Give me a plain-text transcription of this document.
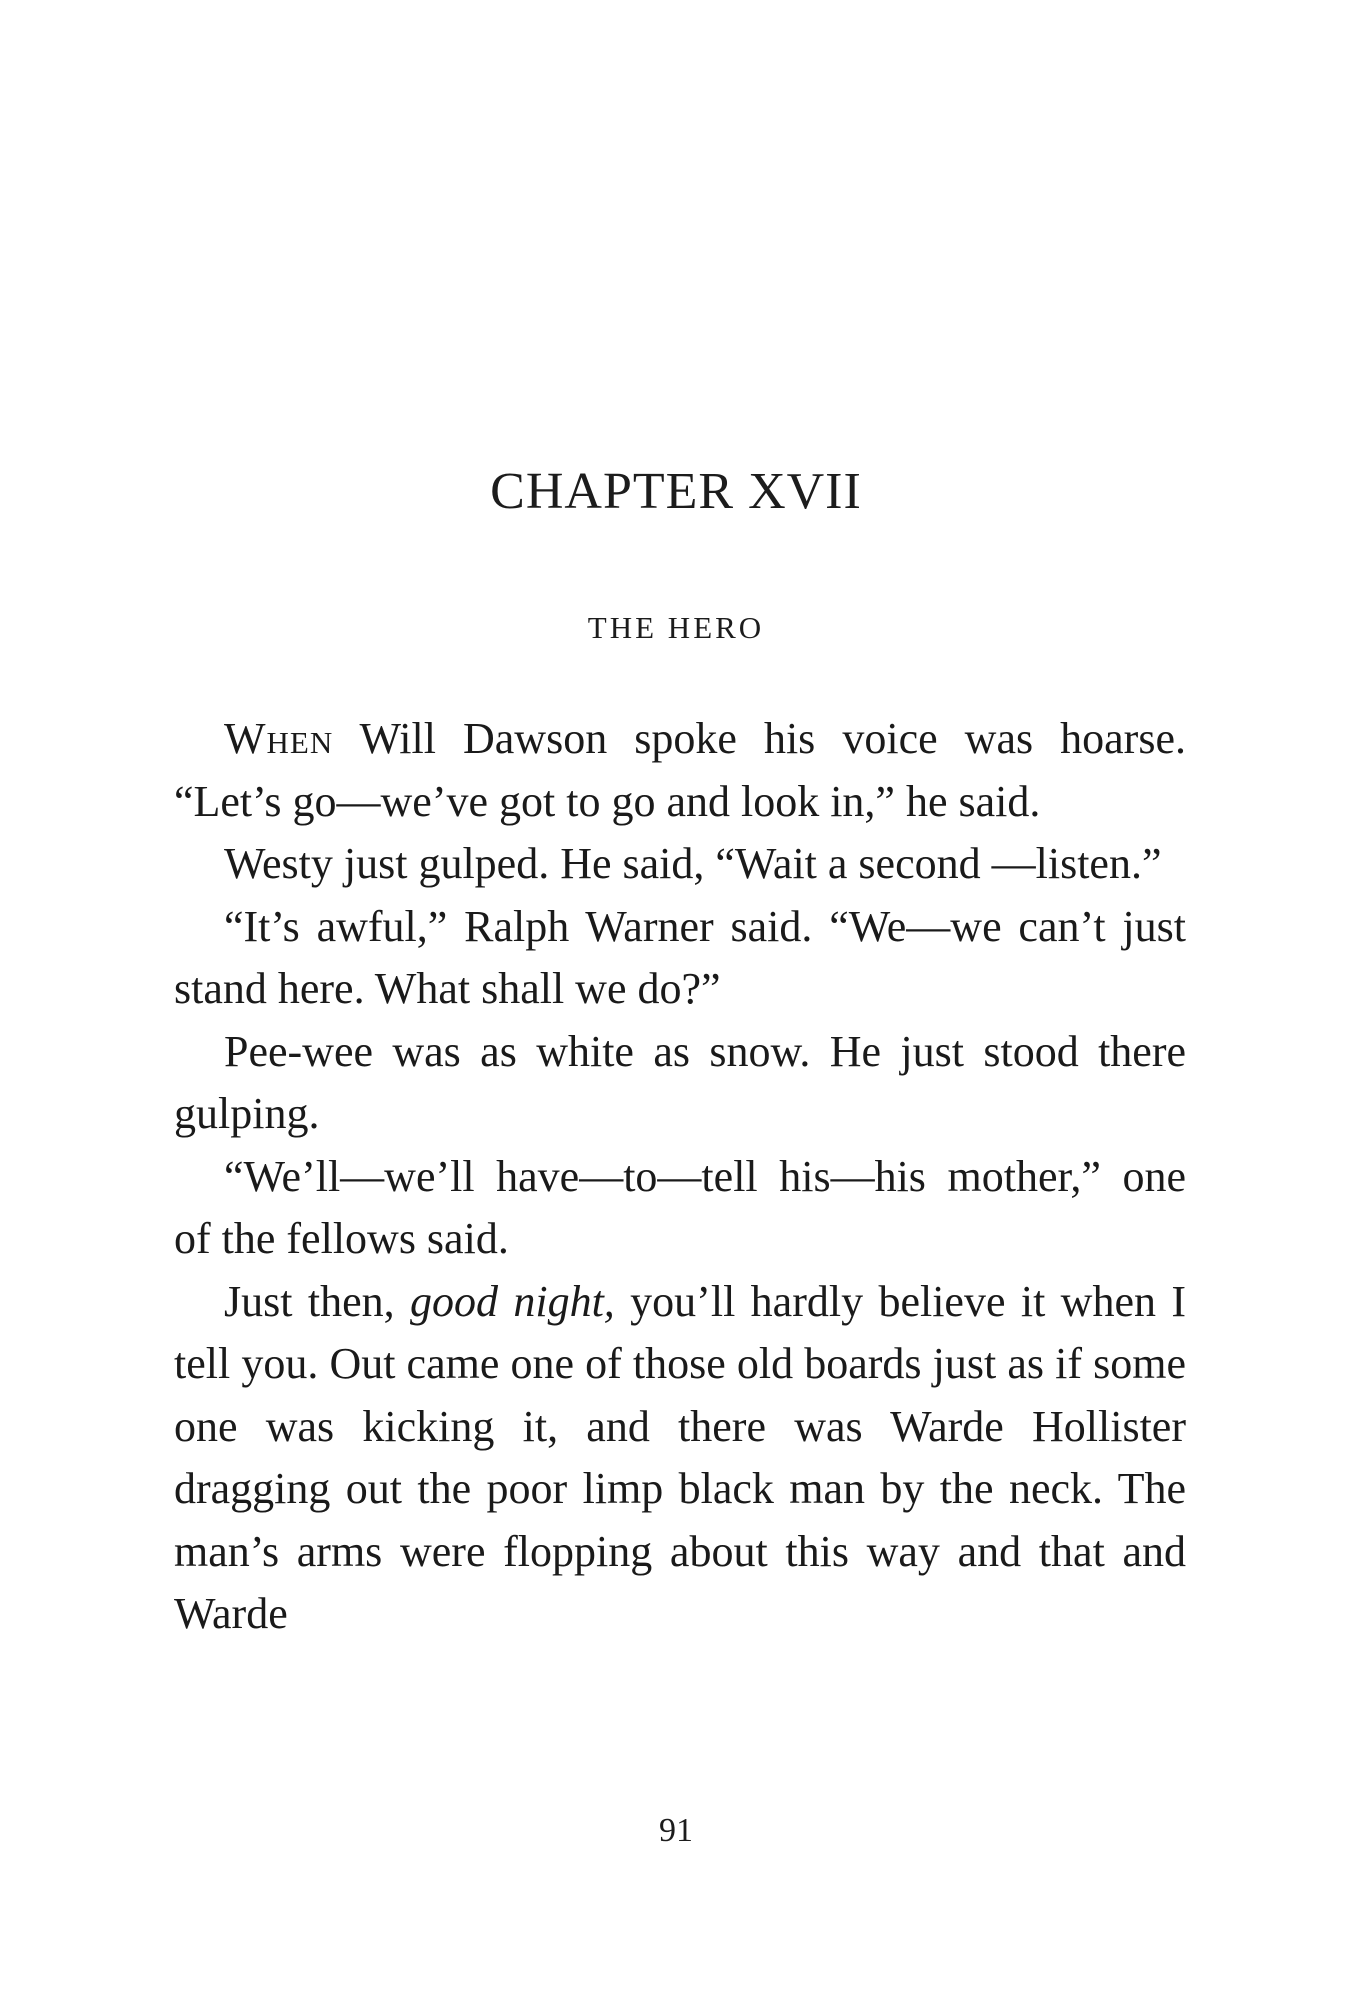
CHAPTER XVII
THE HERO

When Will Dawson spoke his voice was hoarse. “Let’s go—we’ve got to go and look in,” he said.

Westy just gulped. He said, “Wait a second —listen.”

“It’s awful,” Ralph Warner said. “We—we can’t just stand here. What shall we do?”

Pee-wee was as white as snow. He just stood there gulping.

“We’ll—we’ll have—to—tell his—his mother,” one of the fellows said.

Just then, good night, you’ll hardly believe it when I tell you. Out came one of those old boards just as if some one was kicking it, and there was Warde Hollister dragging out the poor limp black man by the neck. The man’s arms were flopping about this way and that and Warde

91
